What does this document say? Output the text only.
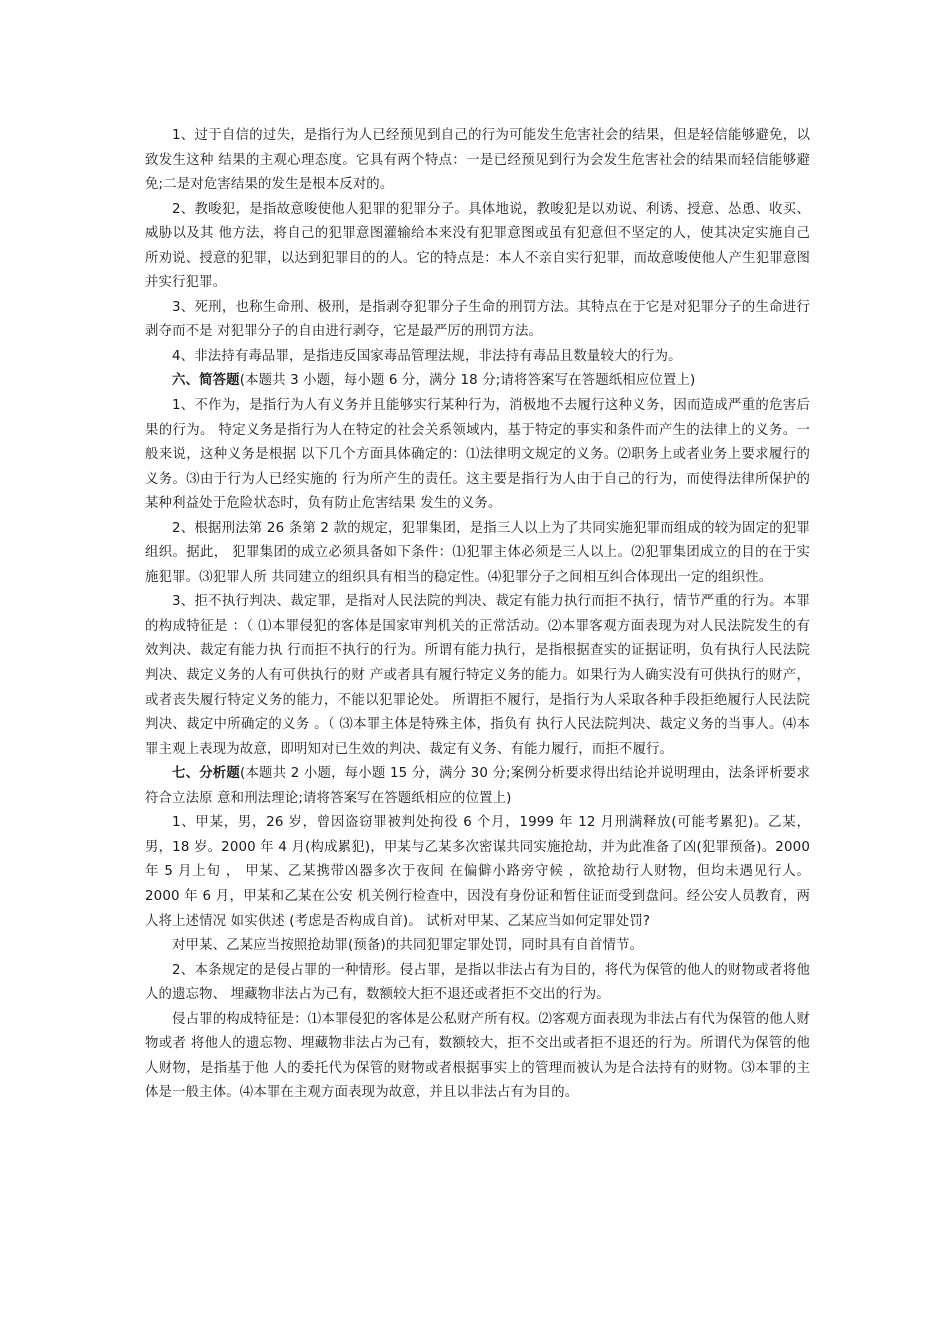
1、过于自信的过失，是指行为人已经预见到自己的行为可能发生危害社会的结果，但是轻信能够避免，以致发生这种 结果的主观心理态度。它具有两个特点：一是已经预见到行为会发生危害社会的结果而轻信能够避免;二是对危害结果的发生是根本反对的。

2、教唆犯，是指故意唆使他人犯罪的犯罪分子。具体地说，教唆犯是以劝说、利诱、授意、怂恿、收买、威胁以及其 他方法，将自己的犯罪意图灌输给本来没有犯罪意图或虽有犯意但不坚定的人，使其决定实施自己所劝说、授意的犯罪，以达到犯罪目的的人。它的特点是：本人不亲自实行犯罪，而故意唆使他人产生犯罪意图并实行犯罪。

3、死刑，也称生命刑、极刑，是指剥夺犯罪分子生命的刑罚方法。其特点在于它是对犯罪分子的生命进行剥夺而不是 对犯罪分子的自由进行剥夺，它是最严厉的刑罚方法。

4、非法持有毒品罪，是指违反国家毒品管理法规，非法持有毒品且数量较大的行为。

六、简答题(本题共 3 小题，每小题 6 分，满分 18 分;请将答案写在答题纸相应位置上)

1、不作为，是指行为人有义务并且能够实行某种行为，消极地不去履行这种义务，因而造成严重的危害后果的行为。 特定义务是指行为人在特定的社会关系领域内，基于特定的事实和条件而产生的法律上的义务。一般来说，这种义务是根据 以下几个方面具体确定的：⑴法律明文规定的义务。⑵职务上或者业务上要求履行的义务。⑶由于行为人已经实施的 行为所产生的责任。这主要是指行为人由于自己的行为，而使得法律所保护的某种利益处于危险状态时，负有防止危害结果 发生的义务。

2、根据刑法第 26 条第 2 款的规定，犯罪集团，是指三人以上为了共同实施犯罪而组成的较为固定的犯罪组织。据此， 犯罪集团的成立必须具备如下条件：⑴犯罪主体必须是三人以上。⑵犯罪集团成立的目的在于实施犯罪。⑶犯罪人所 共同建立的组织具有相当的稳定性。⑷犯罪分子之间相互纠合体现出一定的组织性。

3、拒不执行判决、裁定罪，是指对人民法院的判决、裁定有能力执行而拒不执行，情节严重的行为。本罪的构成特征是 ：（ ⑴本罪侵犯的客体是国家审判机关的正常活动。⑵本罪客观方面表现为对人民法院发生的有效判决、裁定有能力执 行而拒不执行的行为。所谓有能力执行，是指根据查实的证据证明，负有执行人民法院判决、裁定义务的人有可供执行的财 产或者具有履行特定义务的能力。如果行为人确实没有可供执行的财产，或者丧失履行特定义务的能力，不能以犯罪论处。 所谓拒不履行，是指行为人采取各种手段拒绝履行人民法院判决、裁定中所确定的义务 。（ ⑶本罪主体是特殊主体，指负有 执行人民法院判决、裁定义务的当事人。⑷本罪主观上表现为故意，即明知对已生效的判决、裁定有义务、有能力履行，而拒不履行。

七、分析题(本题共 2 小题，每小题 15 分，满分 30 分;案例分析要求得出结论并说明理由，法条评析要求符合立法原 意和刑法理论;请将答案写在答题纸相应的位置上)

1、甲某，男，26 岁，曾因盗窃罪被判处拘役 6 个月，1999 年 12 月刑满释放(可能考累犯)。乙某，男，18 岁。2000 年 4 月(构成累犯)，甲某与乙某多次密谋共同实施抢劫，并为此准备了凶(犯罪预备)。2000 年 5 月上旬 ， 甲某、乙某携带凶器多次于夜间 在偏僻小路旁守候 ，欲抢劫行人财物，但均未遇见行人。2000 年 6 月，甲某和乙某在公安 机关例行检查中，因没有身份证和暂住证而受到盘问。经公安人员教育，两人将上述情况 如实供述 (考虑是否构成自首)。 试析对甲某、乙某应当如何定罪处罚?

对甲某、乙某应当按照抢劫罪(预备)的共同犯罪定罪处罚，同时具有自首情节。

2、本条规定的是侵占罪的一种情形。侵占罪，是指以非法占有为目的，将代为保管的他人的财物或者将他人的遗忘物、 埋藏物非法占为己有，数额较大拒不退还或者拒不交出的行为。

侵占罪的构成特征是：⑴本罪侵犯的客体是公私财产所有权。⑵客观方面表现为非法占有代为保管的他人财物或者 将他人的遗忘物、埋藏物非法占为己有，数额较大，拒不交出或者拒不退还的行为。所谓代为保管的他人财物，是指基于他 人的委托代为保管的财物或者根据事实上的管理而被认为是合法持有的财物。⑶本罪的主体是一般主体。⑷本罪在主观方面表现为故意，并且以非法占有为目的。
